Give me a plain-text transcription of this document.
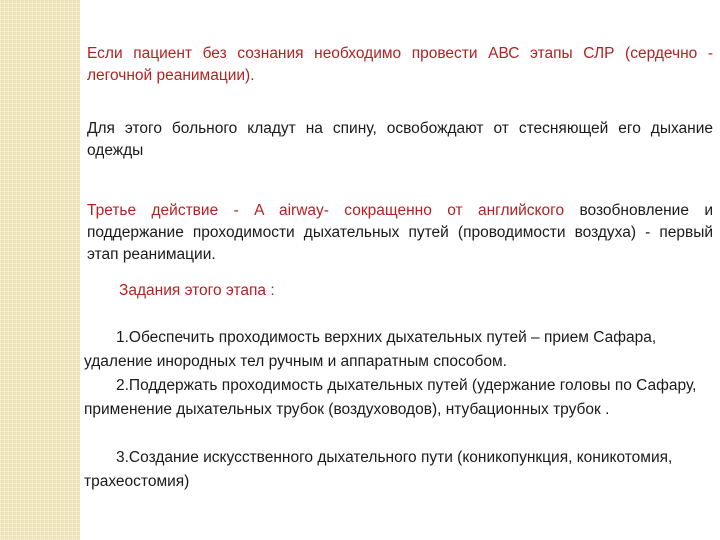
Если пациент без сознания необходимо провести АВС этапы СЛР (сердечно - легочной реанимации).

Для этого больного кладут на спину, освобождают от стесняющей его дыхание одежды

Третье действие - A airway- сокращенно от английского возобновление и поддержание проходимости дыхательных путей (проводимости воздуха) - первый этап реанимации.

Задания этого этапа :

1.Обеспечить проходимость верхних дыхательных путей – прием Сафара, удаление инородных тел ручным и аппаратным способом.

2.Поддержать проходимость дыхательных путей (удержание головы по Сафару, применение дыхательных трубок (воздуховодов), нтубационных трубок .

3.Создание искусственного дыхательного пути (коникопункция, коникотомия, трахеостомия)
